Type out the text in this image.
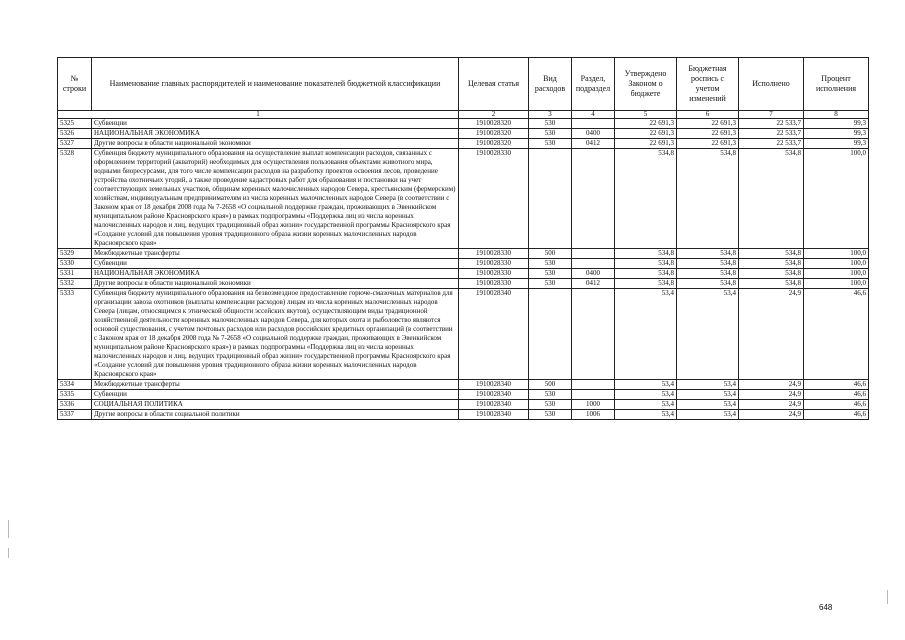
№ строки	Наименование главных распорядителей и наименование показателей бюджетной классификации	Целевая статья	Вид расходов	Раздел, подраздел	Утверждено Законом о бюджете	Бюджетная роспись с учетом изменений	Исполнено	Процент исполнения
1		2	3	4	5	6	7	8
5325	Субвенции	1910028320	530		22 691,3	22 691,3	22 533,7	99,3
5326	НАЦИОНАЛЬНАЯ ЭКОНОМИКА	1910028320	530	0400	22 691,3	22 691,3	22 533,7	99,3
5327	Другие вопросы в области национальной экономики	1910028320	530	0412	22 691,3	22 691,3	22 533,7	99,3
5328	Субвенция бюджету муниципального образования на осуществление выплат компенсации расходов, связанных с оформлением территорий (акваторий) необходимых для осуществления пользования объектами животного мира, водными биоресурсами, для того числе компенсации расходов на разработку проектов освоения лесов, проведение устройства охотничьих угодий, а также проведение кадастровых работ для образования и постановки на учет соответствующих земельных участков, общинам коренных малочисленных народов Севера, крестьянским (фермерским) хозяйствам, индивидуальным предпринимателям из числа коренных малочисленных народов Севера (в соответствии с Законом края от 18 декабря 2008 года № 7-2658 «О социальной поддержке граждан, проживающих в Эвенкийском муниципальном районе Красноярского края») в рамках подпрограммы «Поддержка лиц из числа коренных малочисленных народов и лиц, ведущих традиционный образ жизни» государственной программы Красноярского края «Создание условий для повышения уровня традиционного образа жизни коренных малочисленных народов Красноярского края»	1910028330			534,8	534,8	534,8	100,0
5329	Межбюджетные трансферты	1910028330	500		534,8	534,8	534,8	100,0
5330	Субвенции	1910028330	530		534,8	534,8	534,8	100,0
5331	НАЦИОНАЛЬНАЯ ЭКОНОМИКА	1910028330	530	0400	534,8	534,8	534,8	100,0
5332	Другие вопросы в области национальной экономики	1910028330	530	0412	534,8	534,8	534,8	100,0
5333	Субвенция бюджету муниципального образования на безвозмездное предоставление горюче-смазочных материалов для организации завоза охотников (выплаты компенсации расходов) лицам из числа коренных малочисленных народов Севера (лицам, относящимся к этнической общности эссейских якутов), осуществляющим виды традиционной хозяйственной деятельности коренных малочисленных народов Севера, для которых охота и рыболовство являются основой существования, с учетом почтовых расходов или расходов российских кредитных организаций (в соответствии с Законом края от 18 декабря 2008 года № 7-2658 «О социальной поддержке граждан, проживающих в Эвенкийском муниципальном районе Красноярского края») в рамках подпрограммы «Поддержка лиц из числа коренных малочисленных народов и лиц, ведущих традиционный образ жизни» государственной программы Красноярского края «Создание условий для повышения уровня традиционного образа жизни коренных малочисленных народов Красноярского края»	1910028340			53,4	53,4	24,9	46,6
5334	Межбюджетные трансферты	1910028340	500		53,4	53,4	24,9	46,6
5335	Субвенции	1910028340	530		53,4	53,4	24,9	46,6
5336	СОЦИАЛЬНАЯ ПОЛИТИКА	1910028340	530	1000	53,4	53,4	24,9	46,6
5337	Другие вопросы в области социальной политики	1910028340	530	1006	53,4	53,4	24,9	46,6
648
